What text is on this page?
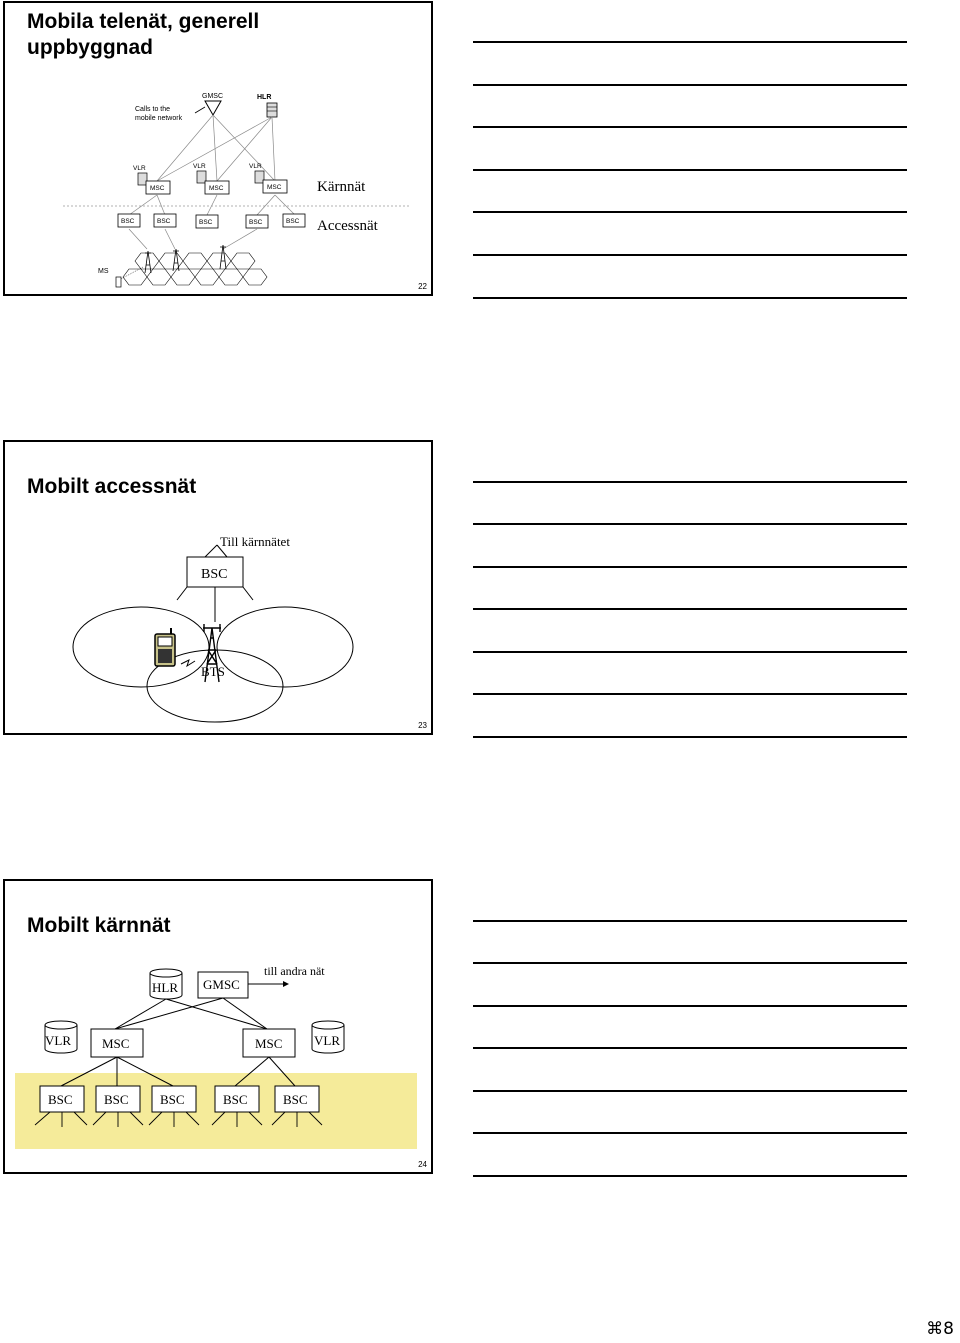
Mobila telenät, generell
uppbyggnad
GMSC	HLR
Calls to the
mobile network
VLR	VLR	VLR
MSC	MSC	MSC
BSC	BSC	BSC	BSC	BSC
MS
Kärnnät
Accessnät
22
Mobilt accessnät
BSC
Till kärnnätet
BTS
23
Mobilt kärnnät
HLR GMSC
till andra nät
VLR	VLR
MSC	MSC
BSC BSC BSC	BSC	BSC
24
⌘8
